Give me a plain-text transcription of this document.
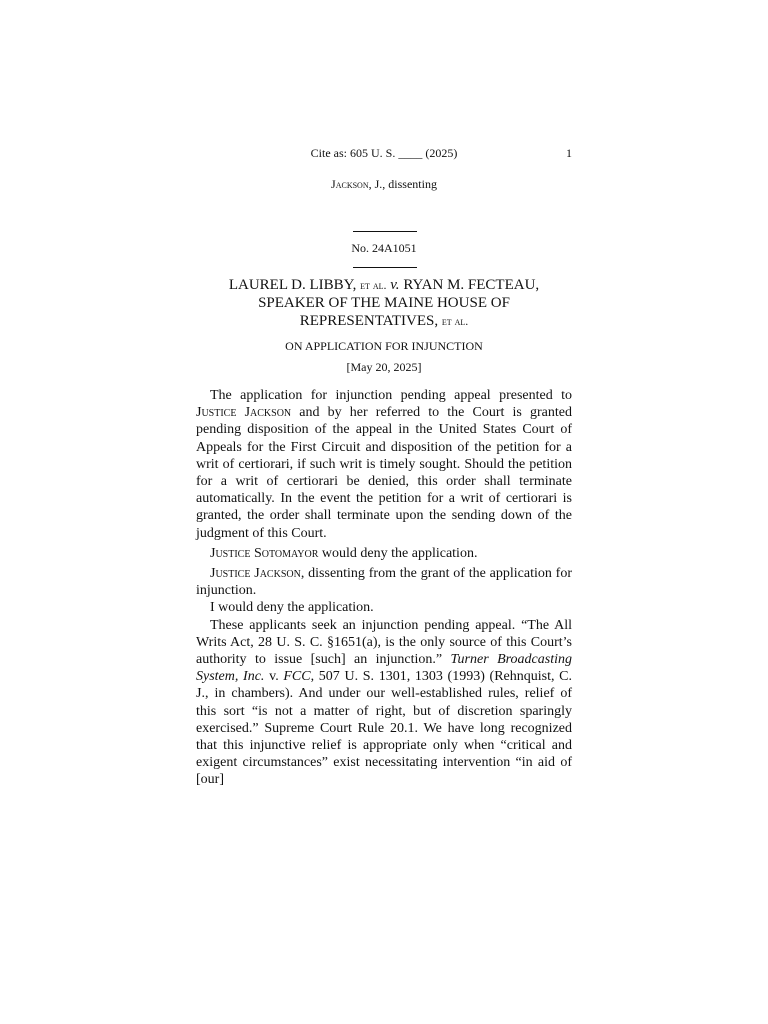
Cite as: 605 U. S. ____ (2025)	1
Jackson, J., dissenting
No. 24A1051
LAUREL D. LIBBY, et al. v. RYAN M. FECTEAU,
SPEAKER OF THE MAINE HOUSE OF
REPRESENTATIVES, et al.
ON APPLICATION FOR INJUNCTION
[May 20, 2025]

The application for injunction pending appeal presented to Justice Jackson and by her referred to the Court is granted pending disposition of the appeal in the United States Court of Appeals for the First Circuit and disposition of the petition for a writ of certiorari, if such writ is timely sought. Should the petition for a writ of certiorari be denied, this order shall terminate automatically. In the event the petition for a writ of certiorari is granted, the order shall terminate upon the sending down of the judgment of this Court.

Justice Sotomayor would deny the application.

Justice Jackson, dissenting from the grant of the application for injunction.

I would deny the application.

These applicants seek an injunction pending appeal. “The All Writs Act, 28 U. S. C. §1651(a), is the only source of this Court’s authority to issue [such] an injunction.” Turner Broadcasting System, Inc. v. FCC, 507 U. S. 1301, 1303 (1993) (Rehnquist, C. J., in chambers). And under our well-established rules, relief of this sort “is not a matter of right, but of discretion sparingly exercised.” Supreme Court Rule 20.1. We have long recognized that this injunctive relief is appropriate only when “critical and exigent circumstances” exist necessitating intervention “in aid of [our]
